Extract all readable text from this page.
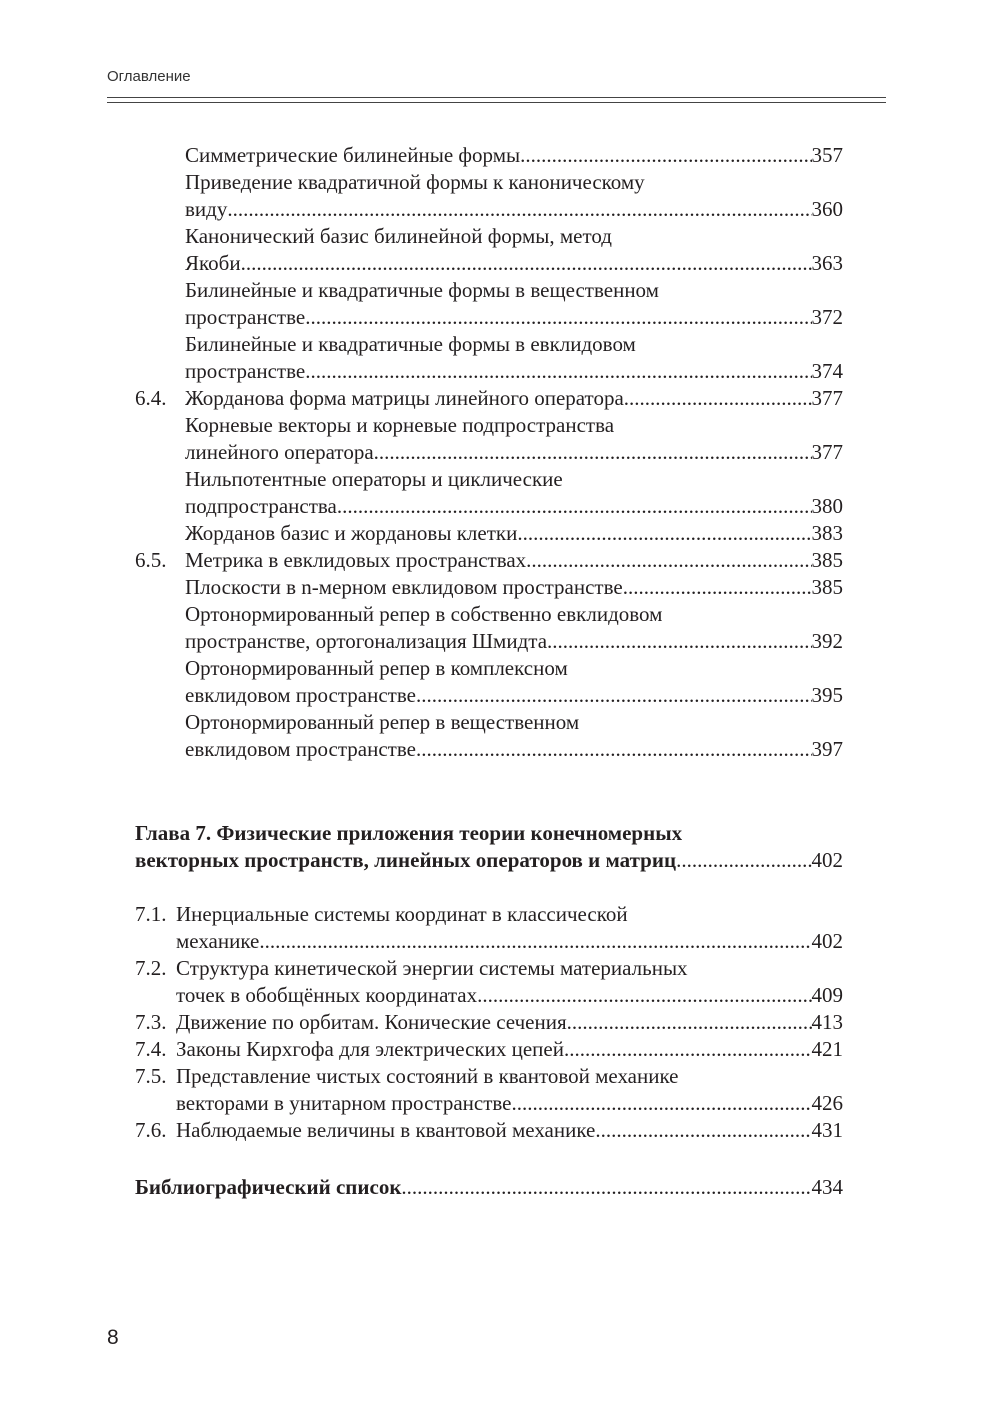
Оглавление
Симметрические билинейные формы .....	357
Приведение квадратичной формы к каноническому
виду .....	360
Канонический базис билинейной формы, метод
Якоби .....	363
Билинейные и квадратичные формы в вещественном
пространстве .....	372
Билинейные и квадратичные формы в евклидовом
пространстве .....	374
6.4. Жорданова форма матрицы линейного оператора .....	377
Корневые векторы и корневые подпространства
линейного оператора .....	377
Нильпотентные операторы и циклические
подпространства .....	380
Жорданов базис и жордановы клетки .....	383
6.5. Метрика в евклидовых пространствах .....	385
Плоскости в n-мерном евклидовом пространстве .....	385
Ортонормированный репер в собственно евклидовом
пространстве, ортогонализация Шмидта .....	392
Ортонормированный репер в комплексном
евклидовом пространстве .....	395
Ортонормированный репер в вещественном
евклидовом пространстве .....	397
Глава 7. Физические приложения теории конечномерных
векторных пространств, линейных операторов и матриц .....	402
7.1. Инерциальные системы координат в классической
механике .....	402
7.2. Структура кинетической энергии системы материальных
точек в обобщённых координатах .....	409
7.3. Движение по орбитам. Конические сечения .....	413
7.4. Законы Кирхгофа для электрических цепей .....	421
7.5. Представление чистых состояний в квантовой механике
векторами в унитарном пространстве .....	426
7.6. Наблюдаемые величины в квантовой механике .....	431
Библиографический список .....	434
8
